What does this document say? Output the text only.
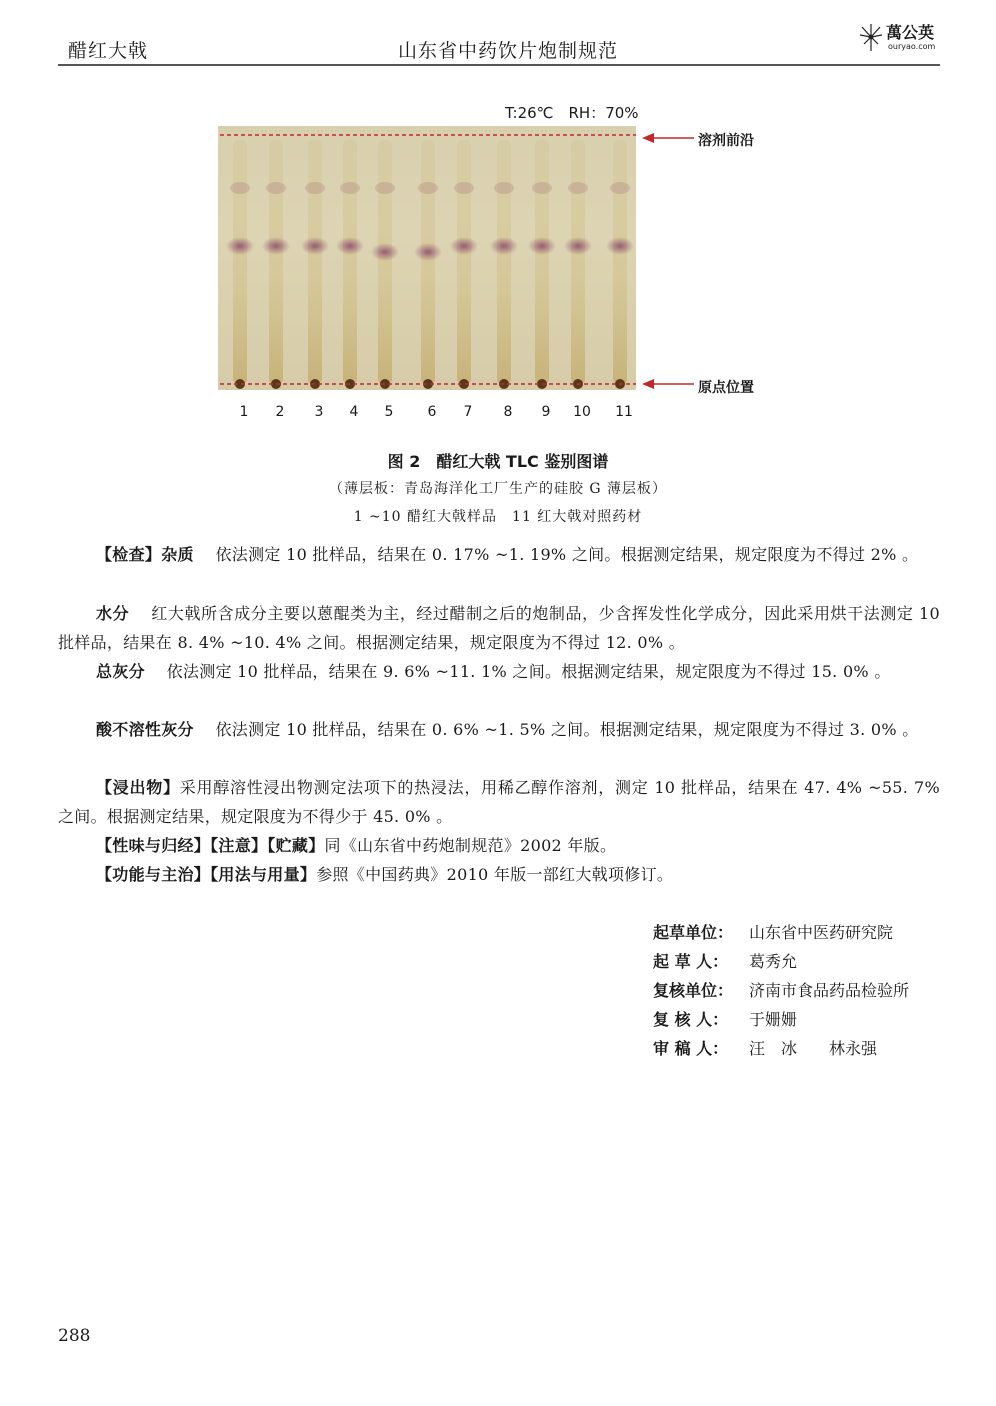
醋红大戟	山东省中药饮片炮制规范
萬公英
ouryao.com
T:26℃　RH：70%
溶剂前沿
原点位置
1 2 3 4 5 6 7 8 9 10 11
图 2　醋红大戟 TLC 鉴别图谱
（薄层板：青岛海洋化工厂生产的硅胶 G 薄层板）
1 ~10 醋红大戟样品　11 红大戟对照药材
【检查】杂质　 依法测定 10 批样品，结果在 0. 17% ~1. 19% 之间。根据测定结果，规定限度为不得过 2% 。
水分　 红大戟所含成分主要以蒽醌类为主，经过醋制之后的炮制品，少含挥发性化学成分，因此采用烘干法测定 10 批样品，结果在 8. 4% ~10. 4% 之间。根据测定结果，规定限度为不得过 12. 0% 。
总灰分　 依法测定 10 批样品，结果在 9. 6% ~11. 1% 之间。根据测定结果，规定限度为不得过 15. 0% 。
酸不溶性灰分　 依法测定 10 批样品，结果在 0. 6% ~1. 5% 之间。根据测定结果，规定限度为不得过 3. 0% 。
【浸出物】采用醇溶性浸出物测定法项下的热浸法，用稀乙醇作溶剂，测定 10 批样品，结果在 47. 4% ~55. 7% 之间。根据测定结果，规定限度为不得少于 45. 0% 。
【性味与归经】【注意】【贮藏】同《山东省中药炮制规范》2002 年版。
【功能与主治】【用法与用量】参照《中国药典》2010 年版一部红大戟项修订。
起草单位： 山东省中医药研究院
起 草 人： 葛秀允
复核单位： 济南市食品药品检验所
复 核 人： 于姗姗
审 稿 人： 汪　冰　　林永强
288
